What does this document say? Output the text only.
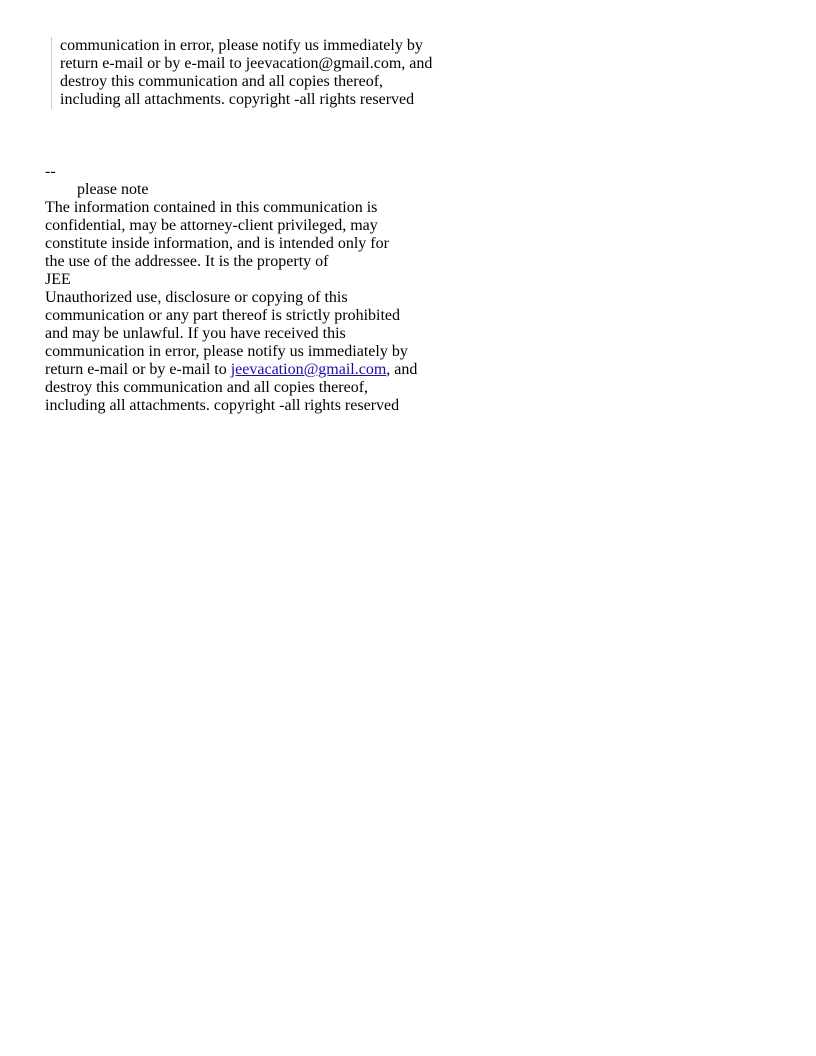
communication in error, please notify us immediately by
return e-mail or by e-mail to jeevacation@gmail.com, and
destroy this communication and all copies thereof,
including all attachments. copyright -all rights reserved
--
please note
The information contained in this communication is
confidential, may be attorney-client privileged, may
constitute inside information, and is intended only for
the use of the addressee. It is the property of
JEE
Unauthorized use, disclosure or copying of this
communication or any part thereof is strictly prohibited
and may be unlawful. If you have received this
communication in error, please notify us immediately by
return e-mail or by e-mail to jeevacation@gmail.com, and
destroy this communication and all copies thereof,
including all attachments. copyright -all rights reserved
